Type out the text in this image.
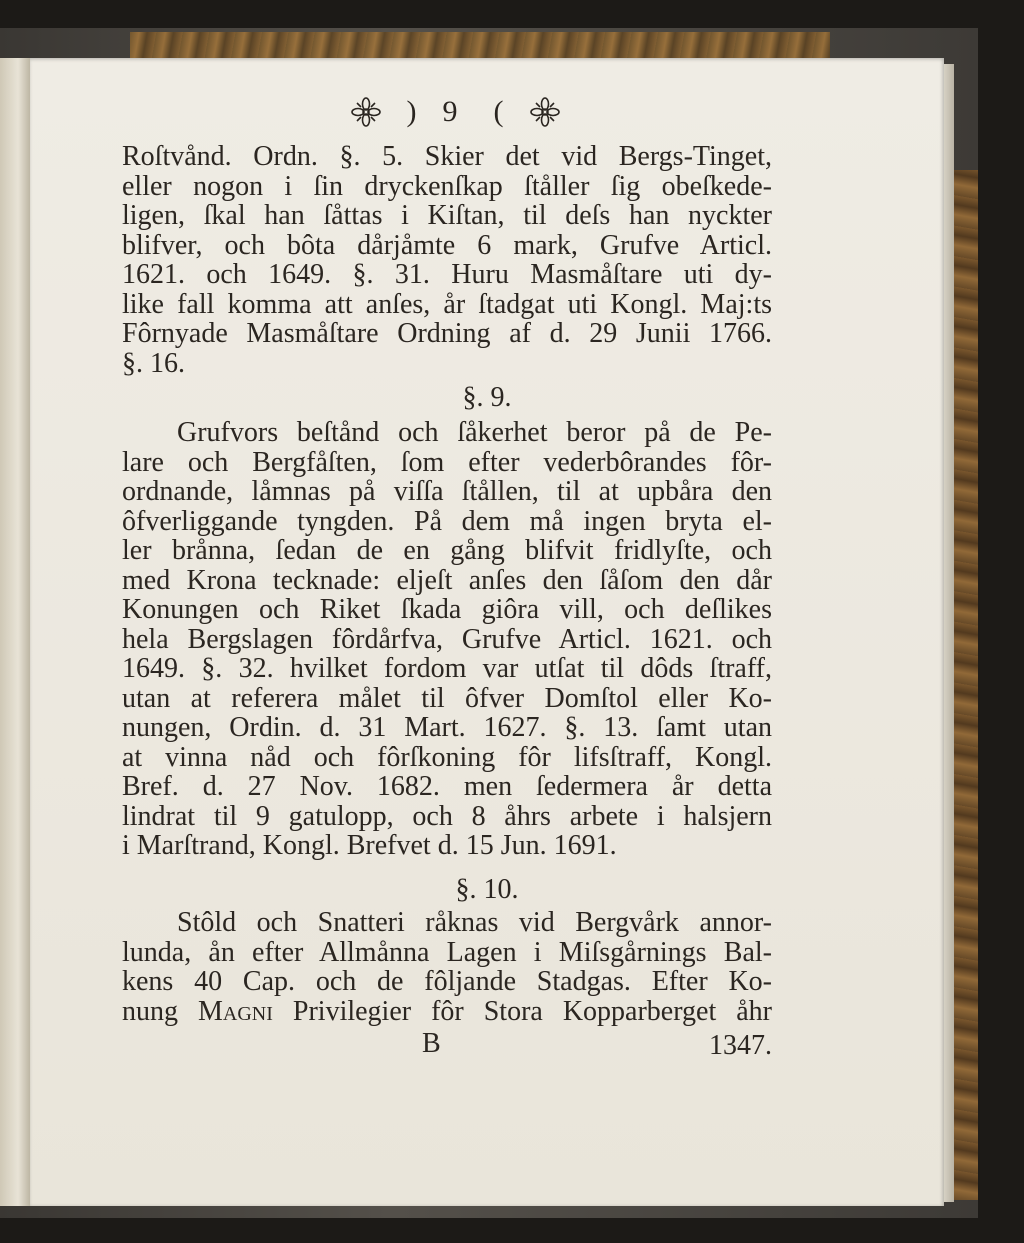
) 9 (
Roſtvånd. Ordn. §. 5. Skier det vid Bergs-Tinget,
eller nogon i ſin dryckenſkap ſtåller ſig obeſkede-
ligen, ſkal han ſåttas i Kiſtan, til deſs han nyckter
blifver, och bôta dårjåmte 6 mark, Grufve Articl.
1621. och 1649. §. 31. Huru Masmåſtare uti dy-
like fall komma att anſes, år ſtadgat uti Kongl. Maj:ts
Fôrnyade Masmåſtare Ordning af d. 29 Junii 1766.
§. 16.
§. 9.
Grufvors beſtånd och ſåkerhet beror på de Pe-
lare och Bergfåſten, ſom efter vederbôrandes fôr-
ordnande, låmnas på viſſa ſtållen, til at upbåra den
ôfverliggande tyngden. På dem må ingen bryta el-
ler brånna, ſedan de en gång blifvit fridlyſte, och
med Krona tecknade: eljeſt anſes den ſåſom den dår
Konungen och Riket ſkada giôra vill, och deſlikes
hela Bergslagen fôrdårfva, Grufve Articl. 1621. och
1649. §. 32. hvilket fordom var utſat til dôds ſtraff,
utan at referera målet til ôfver Domſtol eller Ko-
nungen, Ordin. d. 31 Mart. 1627. §. 13. ſamt utan
at vinna nåd och fôrſkoning fôr lifsſtraff, Kongl.
Bref. d. 27 Nov. 1682. men ſedermera år detta
lindrat til 9 gatulopp, och 8 åhrs arbete i halsjern
i Marſtrand, Kongl. Brefvet d. 15 Jun. 1691.
§. 10.
Stôld och Snatteri råknas vid Bergvårk annor-
lunda, ån efter Allmånna Lagen i Miſsgårnings Bal-
kens 40 Cap. och de fôljande Stadgas. Efter Ko-
nung Magni Privilegier fôr Stora Kopparberget åhr
B	1347.
